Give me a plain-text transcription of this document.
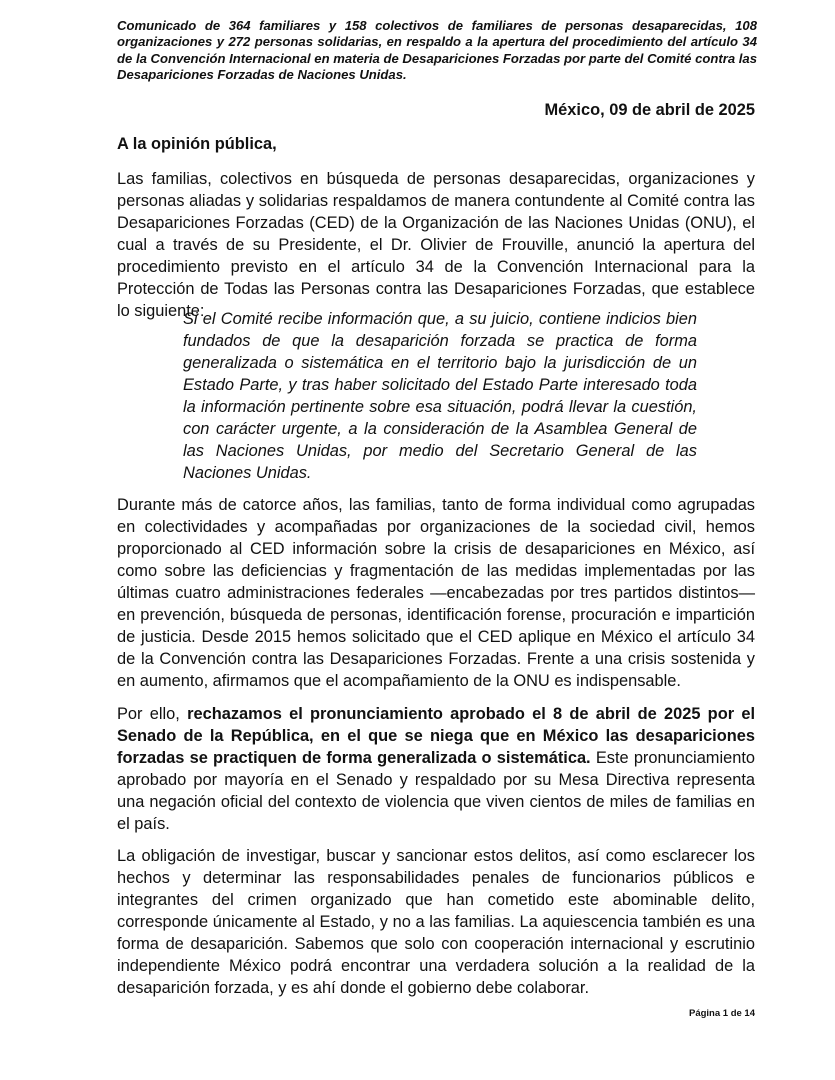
Comunicado de 364 familiares y 158 colectivos de familiares de personas desaparecidas, 108 organizaciones y 272 personas solidarias, en respaldo a la apertura del procedimiento del artículo 34 de la Convención Internacional en materia de Desapariciones Forzadas por parte del Comité contra las Desapariciones Forzadas de Naciones Unidas.
México, 09 de abril de 2025
A la opinión pública,

Las familias, colectivos en búsqueda de personas desaparecidas, organizaciones y personas aliadas y solidarias respaldamos de manera contundente al Comité contra las Desapariciones Forzadas (CED) de la Organización de las Naciones Unidas (ONU), el cual a través de su Presidente, el Dr. Olivier de Frouville, anunció la apertura del procedimiento previsto en el artículo 34 de la Convención Internacional para la Protección de Todas las Personas contra las Desapariciones Forzadas, que establece lo siguiente:

Si el Comité recibe información que, a su juicio, contiene indicios bien fundados de que la desaparición forzada se practica de forma generalizada o sistemática en el territorio bajo la jurisdicción de un Estado Parte, y tras haber solicitado del Estado Parte interesado toda la información pertinente sobre esa situación, podrá llevar la cuestión, con carácter urgente, a la consideración de la Asamblea General de las Naciones Unidas, por medio del Secretario General de las Naciones Unidas.

Durante más de catorce años, las familias, tanto de forma individual como agrupadas en colectividades y acompañadas por organizaciones de la sociedad civil, hemos proporcionado al CED información sobre la crisis de desapariciones en México, así como sobre las deficiencias y fragmentación de las medidas implementadas por las últimas cuatro administraciones federales —encabezadas por tres partidos distintos— en prevención, búsqueda de personas, identificación forense, procuración e impartición de justicia. Desde 2015 hemos solicitado que el CED aplique en México el artículo 34 de la Convención contra las Desapariciones Forzadas. Frente a una crisis sostenida y en aumento, afirmamos que el acompañamiento de la ONU es indispensable.

Por ello, rechazamos el pronunciamiento aprobado el 8 de abril de 2025 por el Senado de la República, en el que se niega que en México las desapariciones forzadas se practiquen de forma generalizada o sistemática. Este pronunciamiento aprobado por mayoría en el Senado y respaldado por su Mesa Directiva representa una negación oficial del contexto de violencia que viven cientos de miles de familias en el país.

La obligación de investigar, buscar y sancionar estos delitos, así como esclarecer los hechos y determinar las responsabilidades penales de funcionarios públicos e integrantes del crimen organizado que han cometido este abominable delito, corresponde únicamente al Estado, y no a las familias. La aquiescencia también es una forma de desaparición. Sabemos que solo con cooperación internacional y escrutinio independiente México podrá encontrar una verdadera solución a la realidad de la desaparición forzada, y es ahí donde el gobierno debe colaborar.

Página 1 de 14
